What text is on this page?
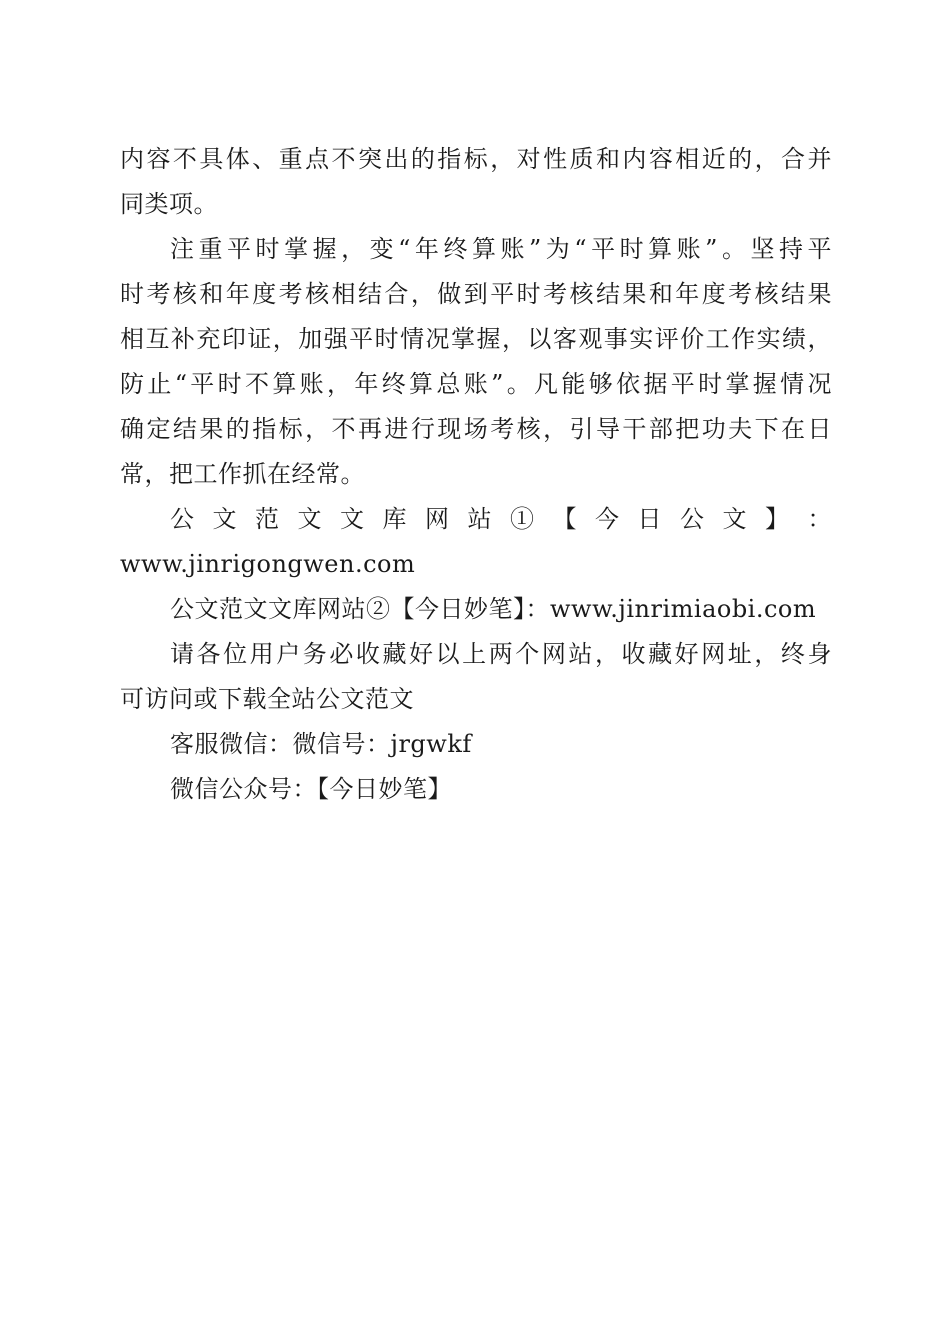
内容不具体、重点不突出的指标，对性质和内容相近的，合并
同类项。
注重平时掌握，变“年终算账”为“平时算账”。坚持平
时考核和年度考核相结合，做到平时考核结果和年度考核结果
相互补充印证，加强平时情况掌握，以客观事实评价工作实绩，
防止“平时不算账，年终算总账”。凡能够依据平时掌握情况
确定结果的指标，不再进行现场考核，引导干部把功夫下在日
常，把工作抓在经常。
公 文 范 文 文 库 网 站 ① 【 今 日 公 文 】 ：
www.jinrigongwen.com
公文范文文库网站②【今日妙笔】：www.jinrimiaobi.com
请各位用户务必收藏好以上两个网站，收藏好网址，终身
可访问或下载全站公文范文
客服微信：微信号：jrgwkf
微信公众号：【今日妙笔】
